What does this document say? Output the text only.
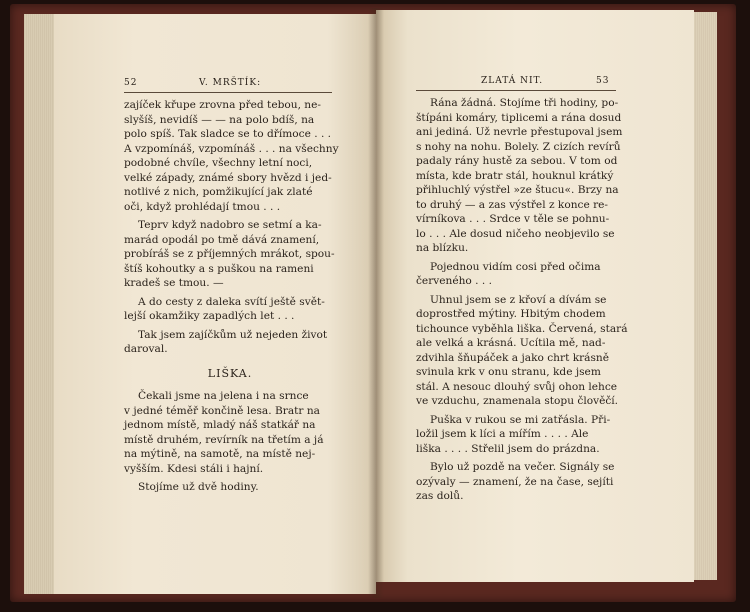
52	V. MRŠTÍK:

zajíček křupe zrovna před tebou, ne-
slyšíš, nevidíš — — na polo bdíš, na
polo spíš. Tak sladce se to dřímoce . . .
A vzpomínáš, vzpomínáš . . . na všechny
podobné chvíle, všechny letní noci,
velké západy, známé sbory hvězd i jed-
notlivé z nich, pomžikující jak zlaté
oči, když prohlédají tmou . . .

Teprv když nadobro se setmí a ka-
marád opodál po tmě dává znamení,
probíráš se z příjemných mrákot, spou-
štíš kohoutky a s puškou na rameni
kradeš se tmou. —

A do cesty z daleka svítí ještě svět-
lejší okamžiky zapadlých let . . .

Tak jsem zajíčkům už nejeden život
daroval.

LIŠKA.

Čekali jsme na jelena i na srnce
v jedné téměř končině lesa. Bratr na
jednom místě, mladý náš statkář na
místě druhém, revírník na třetím a já
na mýtině, na samotě, na místě nej-
vyšším. Kdesi stáli i hajní.

Stojíme už dvě hodiny.

ZLATÁ NIT.	53

Rána žádná. Stojíme tři hodiny, po-
štípáni komáry, tiplicemi a rána dosud
ani jediná. Už nevrle přestupoval jsem
s nohy na nohu. Bolely. Z cizích revírů
padaly rány hustě za sebou. V tom od
místa, kde bratr stál, houknul krátký
přihluchlý výstřel »ze štucu«. Brzy na
to druhý — a zas výstřel z konce re-
vírníkova . . . Srdce v těle se pohnu-
lo . . . Ale dosud ničeho neobjevilo se
na blízku.

Pojednou vidím cosi před očima
červeného . . .

Uhnul jsem se z křoví a dívám se
doprostřed mýtiny. Hbitým chodem
tichounce vyběhla liška. Červená, stará
ale velká a krásná. Ucítila mě, nad-
zdvihla šňupáček a jako chrt krásně
svinula krk v onu stranu, kde jsem
stál. A nesouc dlouhý svůj ohon lehce
ve vzduchu, znamenala stopu člověčí.

Puška v rukou se mi zatřásla. Při-
ložil jsem k líci a mířím . . . . Ale
liška . . . . Střelil jsem do prázdna.

Bylo už pozdě na večer. Signály se
ozývaly — znamení, že na čase, sejíti
zas dolů.
